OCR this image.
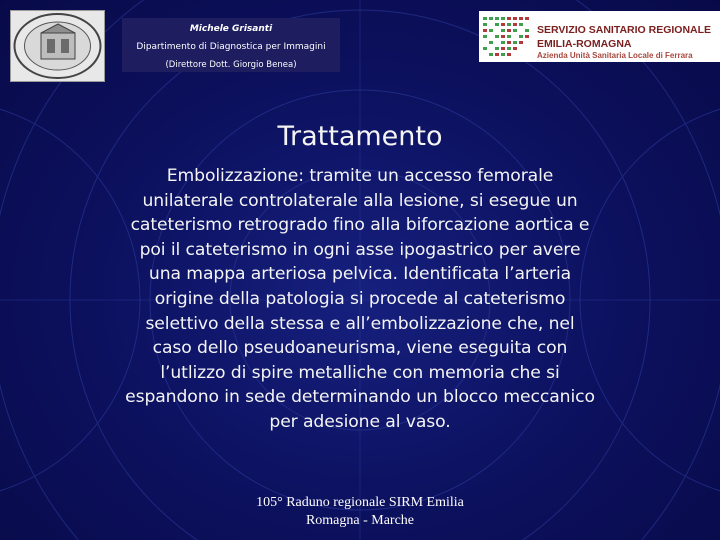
Michele Grisanti
Dipartimento di Diagnostica per Immagini
(Direttore Dott. Giorgio Benea)
SERVIZIO SANITARIO REGIONALE
EMILIA-ROMAGNA
Azienda Unità Sanitaria Locale di Ferrara
Trattamento

Embolizzazione: tramite un accesso femorale unilaterale controlaterale alla lesione, si esegue un cateterismo retrogrado fino alla biforcazione aortica e poi il cateterismo in ogni asse ipogastrico per avere una mappa arteriosa pelvica. Identificata l’arteria origine della patologia si procede al cateterismo selettivo della stessa e all’embolizzazione che, nel caso dello pseudoaneurisma, viene eseguita con l’utlizzo di spire metalliche con memoria che si espandono in sede determinando un blocco meccanico per adesione al vaso.

105° Raduno regionale SIRM Emilia Romagna - Marche
